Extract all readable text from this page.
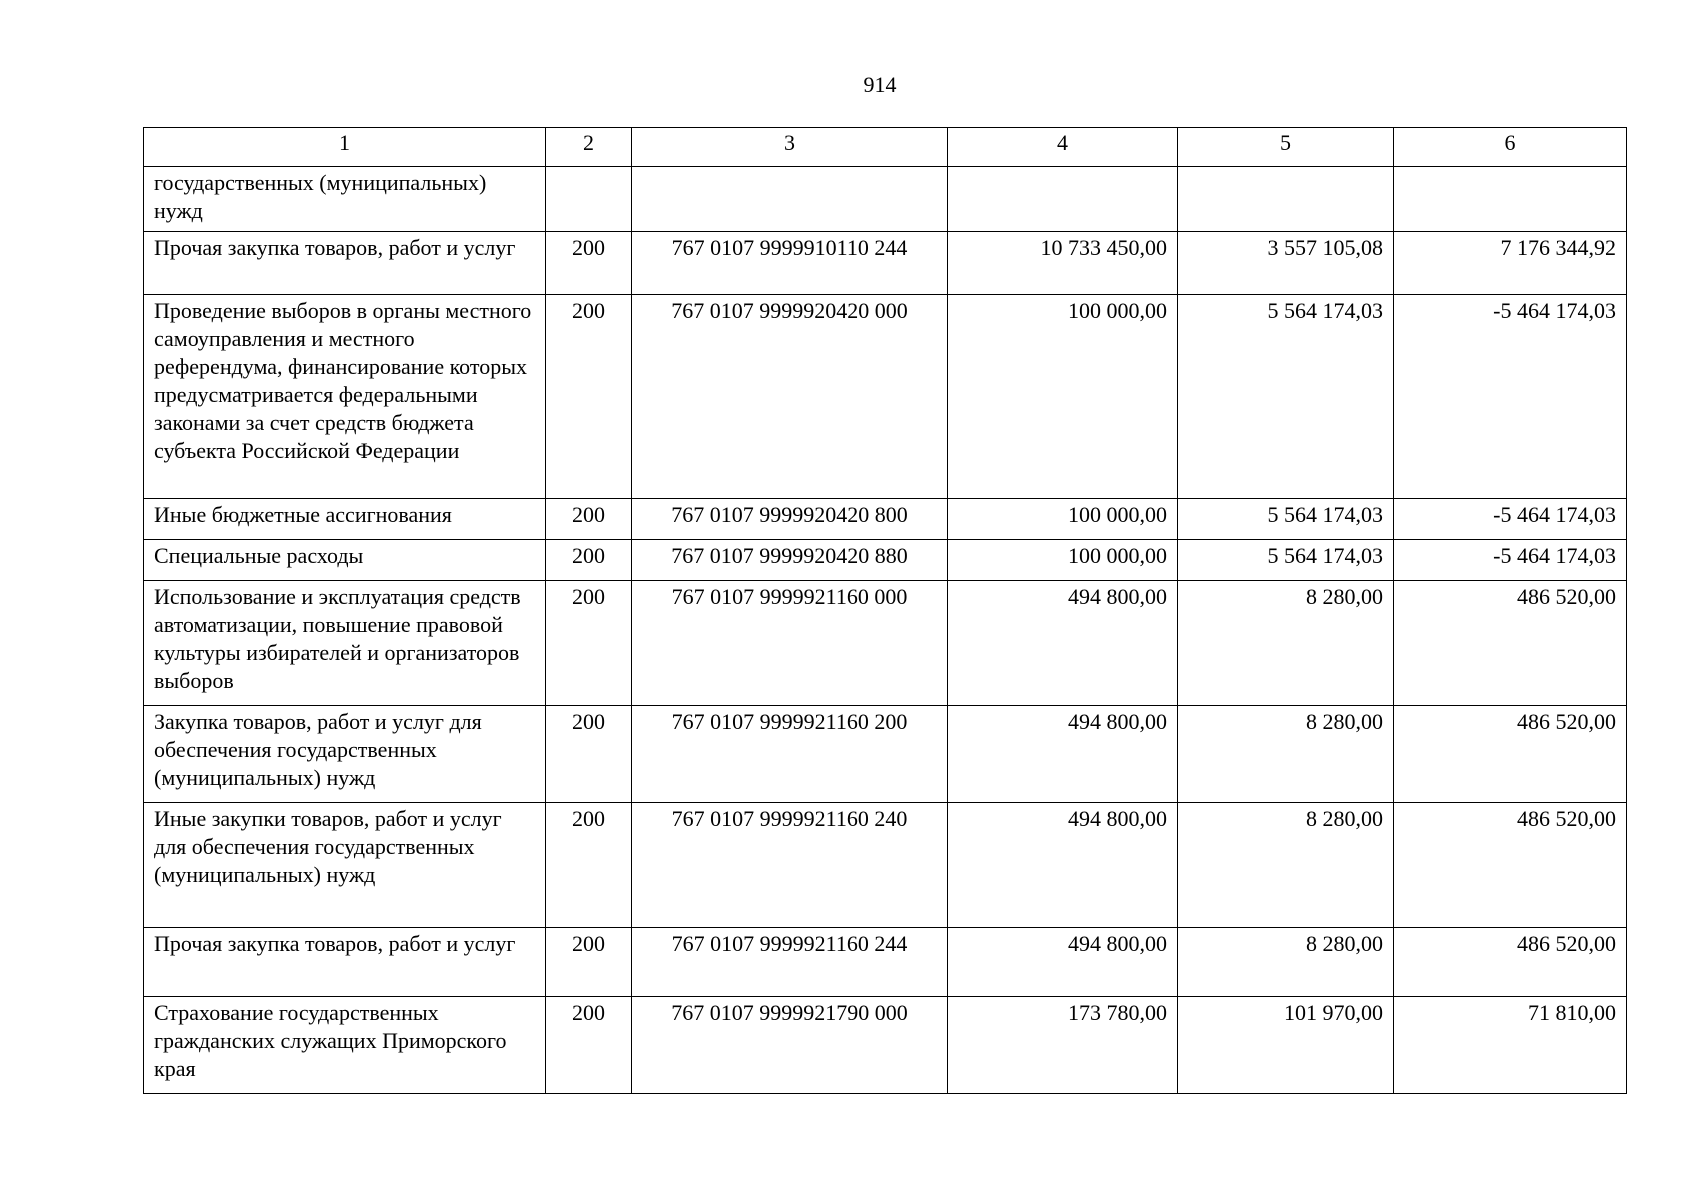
914
1	2	3	4	5	6
государственных (муниципальных) нужд					
Прочая закупка товаров, работ и услуг	200	767 0107 9999910110 244	10 733 450,00	3 557 105,08	7 176 344,92
Проведение выборов в органы местного самоуправления и местного референдума, финансирование которых предусматривается федеральными законами за счет средств бюджета субъекта Российской Федерации	200	767 0107 9999920420 000	100 000,00	5 564 174,03	-5 464 174,03
Иные бюджетные ассигнования	200	767 0107 9999920420 800	100 000,00	5 564 174,03	-5 464 174,03
Специальные расходы	200	767 0107 9999920420 880	100 000,00	5 564 174,03	-5 464 174,03
Использование и эксплуатация средств автоматизации, повышение правовой культуры избирателей и организаторов выборов	200	767 0107 9999921160 000	494 800,00	8 280,00	486 520,00
Закупка товаров, работ и услуг для обеспечения государственных (муниципальных) нужд	200	767 0107 9999921160 200	494 800,00	8 280,00	486 520,00
Иные закупки товаров, работ и услуг для обеспечения государственных (муниципальных) нужд	200	767 0107 9999921160 240	494 800,00	8 280,00	486 520,00
Прочая закупка товаров, работ и услуг	200	767 0107 9999921160 244	494 800,00	8 280,00	486 520,00
Страхование государственных гражданских служащих Приморского края	200	767 0107 9999921790 000	173 780,00	101 970,00	71 810,00
